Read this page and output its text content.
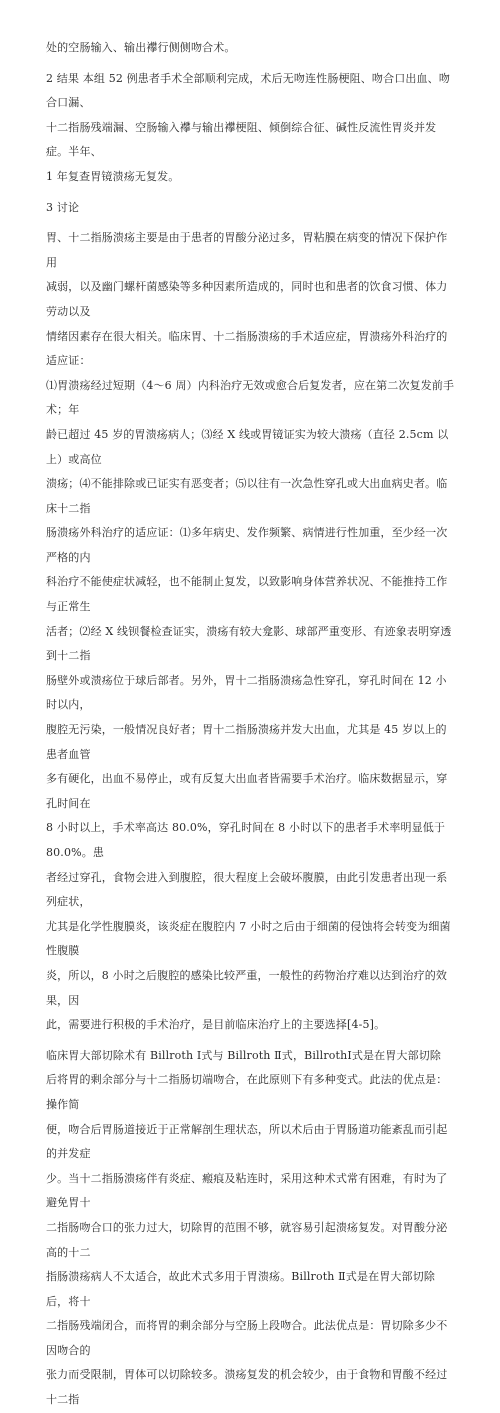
处的空肠输入、输出襻行侧侧吻合术。

2 结果 本组 52 例患者手术全部顺利完成，术后无吻连性肠梗阻、吻合口出血、吻合口漏、
十二指肠残端漏、空肠输入襻与输出襻梗阻、倾倒综合征、碱性反流性胃炎并发症。半年、
1 年复查胃镜溃疡无复发。

3 讨论

胃、十二指肠溃疡主要是由于患者的胃酸分泌过多，胃粘膜在病变的情况下保护作用
减弱，以及幽门螺杆菌感染等多种因素所造成的，同时也和患者的饮食习惯、体力劳动以及
情绪因素存在很大相关。临床胃、十二指肠溃疡的手术适应症，胃溃疡外科治疗的适应证：
⑴胃溃疡经过短期（4～6 周）内科治疗无效或愈合后复发者，应在第二次复发前手术；年
龄已超过 45 岁的胃溃疡病人；⑶经 X 线或胃镜证实为较大溃疡（直径 2.5cm 以上）或高位
溃疡；⑷不能排除或已证实有恶变者；⑸以往有一次急性穿孔或大出血病史者。临床十二指
肠溃疡外科治疗的适应证：⑴多年病史、发作频繁、病情进行性加重，至少经一次严格的内
科治疗不能使症状减轻，也不能制止复发，以致影响身体营养状况、不能推持工作与正常生
活者；⑵经 X 线钡餐检查证实，溃疡有较大龛影、球部严重变形、有迹象表明穿透到十二指
肠壁外或溃疡位于球后部者。另外，胃十二指肠溃疡急性穿孔，穿孔时间在 12 小时以内，
腹腔无污染，一般情况良好者；胃十二指肠溃疡并发大出血，尤其是 45 岁以上的患者血管
多有硬化，出血不易停止，或有反复大出血者皆需要手术治疗。临床数据显示，穿孔时间在
8 小时以上，手术率高达 80.0%，穿孔时间在 8 小时以下的患者手术率明显低于 80.0%。患
者经过穿孔，食物会进入到腹腔，很大程度上会破坏腹膜，由此引发患者出现一系列症状，
尤其是化学性腹膜炎，该炎症在腹腔内 7 小时之后由于细菌的侵蚀将会转变为细菌性腹膜
炎，所以，8 小时之后腹腔的感染比较严重，一般性的药物治疗难以达到治疗的效果，因
此，需要进行积极的手术治疗，是目前临床治疗上的主要选择[4-5]。

临床胃大部切除术有 Billroth Ⅰ式与 Billroth Ⅱ式，BillrothⅠ式是在胃大部切除
后将胃的剩余部分与十二指肠切端吻合，在此原则下有多种变式。此法的优点是：操作简
便，吻合后胃肠道接近于正常解剖生理状态，所以术后由于胃肠道功能紊乱而引起的并发症
少。当十二指肠溃疡伴有炎症、瘢痕及粘连时，采用这种术式常有困难，有时为了避免胃十
二指肠吻合口的张力过大，切除胃的范围不够，就容易引起溃疡复发。对胃酸分泌高的十二
指肠溃疡病人不太适合，故此术式多用于胃溃疡。Billroth Ⅱ式是在胃大部切除后，将十
二指肠残端闭合，而将胃的剩余部分与空肠上段吻合。此法优点是：胃切除多少不因吻合的
张力而受限制，胃体可以切除较多。溃疡复发的机会较少，由于食物和胃酸不经过十二指
